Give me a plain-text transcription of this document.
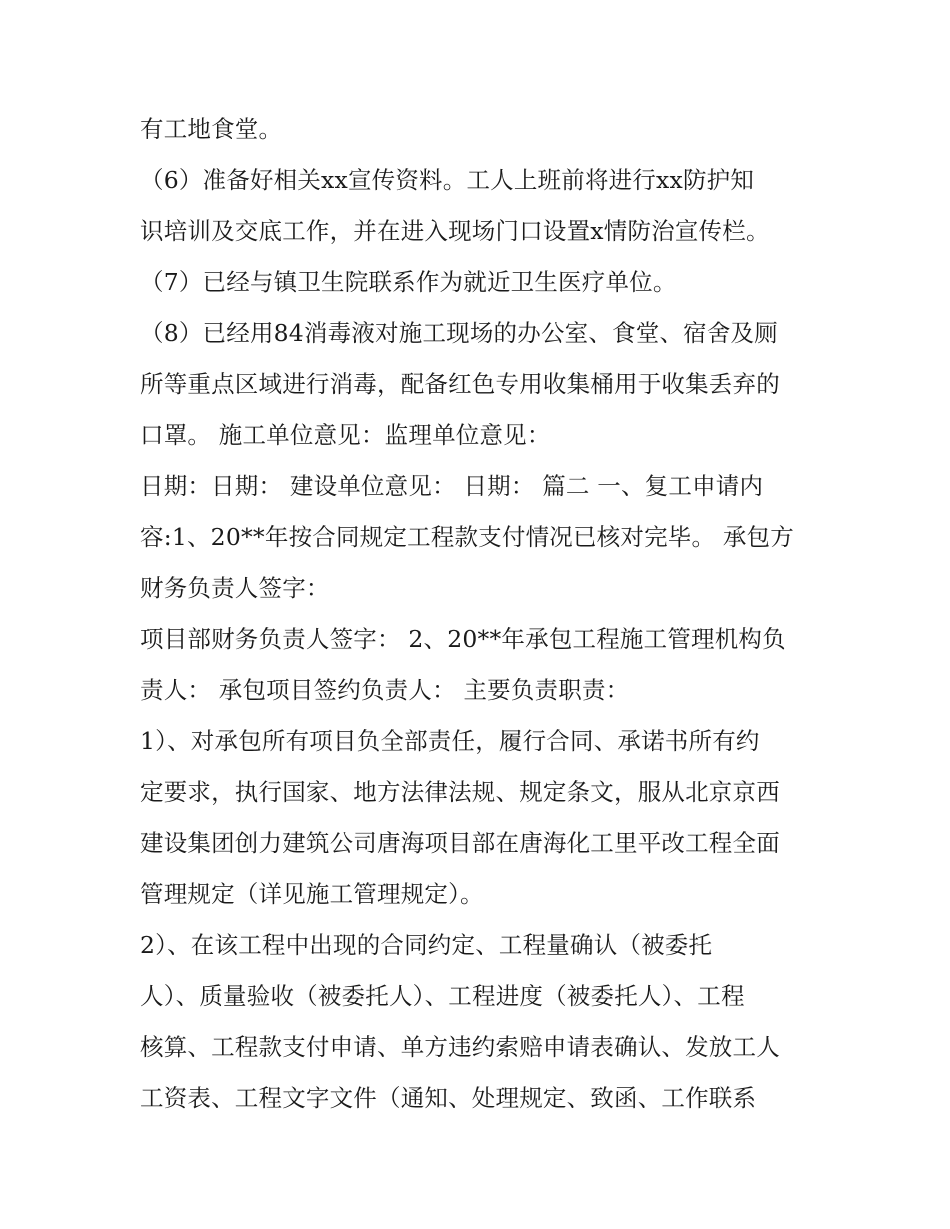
有工地食堂。

（6）准备好相关xx宣传资料。工人上班前将进行xx防护知

识培训及交底工作，并在进入现场门口设置x情防治宣传栏。

（7）已经与镇卫生院联系作为就近卫生医疗单位。

（8）已经用84消毒液对施工现场的办公室、食堂、宿舍及厕

所等重点区域进行消毒，配备红色专用收集桶用于收集丢弃的

口罩。 施工单位意见：监理单位意见：

日期：日期： 建设单位意见： 日期： 篇二 一、复工申请内

容:1、20**年按合同规定工程款支付情况已核对完毕。 承包方

财务负责人签字：

项目部财务负责人签字： 2、20**年承包工程施工管理机构负

责人： 承包项目签约负责人： 主要负责职责：

1）、对承包所有项目负全部责任，履行合同、承诺书所有约

定要求，执行国家、地方法律法规、规定条文，服从北京京西

建设集团创力建筑公司唐海项目部在唐海化工里平改工程全面

管理规定（详见施工管理规定）。

2）、在该工程中出现的合同约定、工程量确认（被委托

人）、质量验收（被委托人）、工程进度（被委托人）、工程

核算、工程款支付申请、单方违约索赔申请表确认、发放工人

工资表、工程文字文件（通知、处理规定、致函、工作联系
